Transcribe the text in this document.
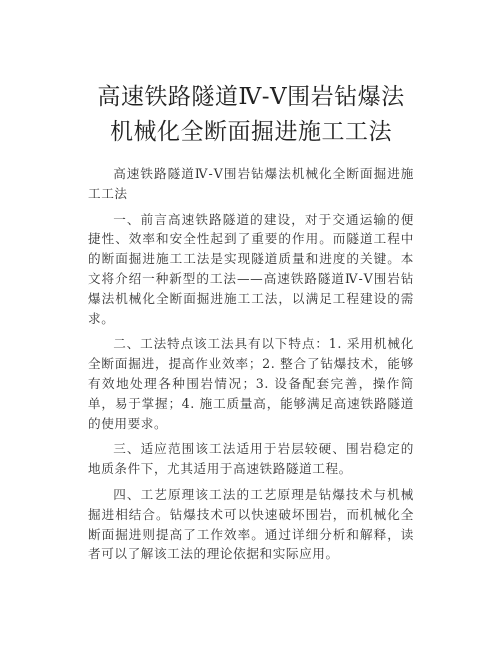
高速铁路隧道Ⅳ-Ⅴ围岩钻爆法机械化全断面掘进施工工法

高速铁路隧道Ⅳ-Ⅴ围岩钻爆法机械化全断面掘进施工工法

一、前言高速铁路隧道的建设，对于交通运输的便捷性、效率和安全性起到了重要的作用。而隧道工程中的断面掘进施工工法是实现隧道质量和进度的关键。本文将介绍一种新型的工法——高速铁路隧道Ⅳ-Ⅴ围岩钻爆法机械化全断面掘进施工工法，以满足工程建设的需求。

二、工法特点该工法具有以下特点：1. 采用机械化全断面掘进，提高作业效率；2. 整合了钻爆技术，能够有效地处理各种围岩情况；3. 设备配套完善，操作简单，易于掌握；4. 施工质量高，能够满足高速铁路隧道的使用要求。

三、适应范围该工法适用于岩层较硬、围岩稳定的地质条件下，尤其适用于高速铁路隧道工程。

四、工艺原理该工法的工艺原理是钻爆技术与机械掘进相结合。钻爆技术可以快速破坏围岩，而机械化全断面掘进则提高了工作效率。通过详细分析和解释，读者可以了解该工法的理论依据和实际应用。
